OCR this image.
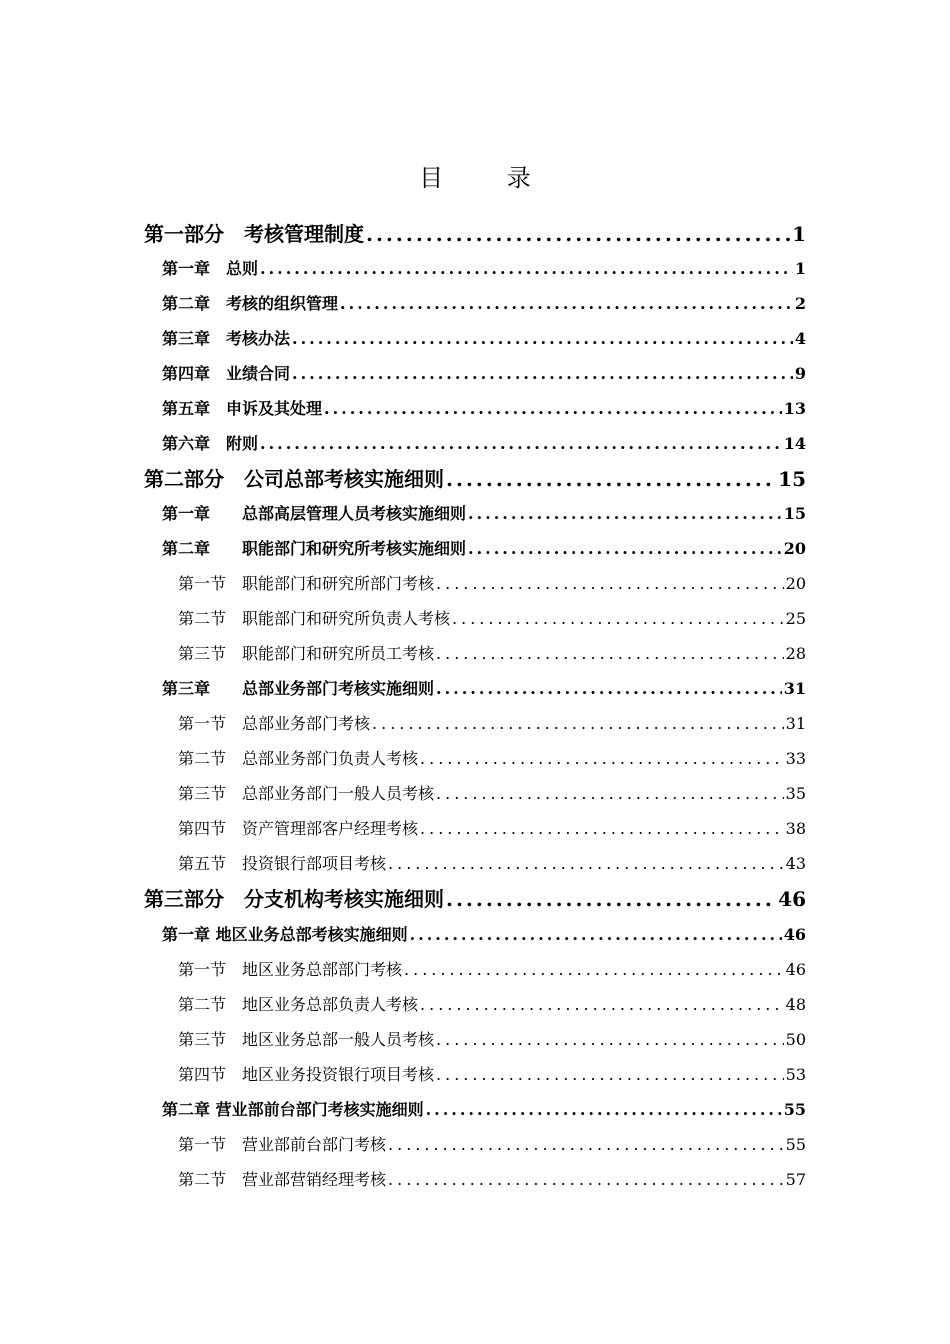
目 录
第一部分　考核管理制度 .....	1
第一章　总则 .....	1
第二章　考核的组织管理 .....	2
第三章　考核办法 .....	4
第四章　业绩合同 .....	9
第五章　申诉及其处理 .....	13
第六章　附则 .....	14
第二部分　公司总部考核实施细则 .....	15
第一章　　总部高层管理人员考核实施细则 .....	15
第二章　　职能部门和研究所考核实施细则 .....	20
第一节　职能部门和研究所部门考核 .....	20
第二节　职能部门和研究所负责人考核 .....	25
第三节　职能部门和研究所员工考核 .....	28
第三章　　总部业务部门考核实施细则 .....	31
第一节　总部业务部门考核 .....	31
第二节　总部业务部门负责人考核 .....	33
第三节　总部业务部门一般人员考核 .....	35
第四节　资产管理部客户经理考核 .....	38
第五节　投资银行部项目考核 .....	43
第三部分　分支机构考核实施细则 .....	46
第一章 地区业务总部考核实施细则 .....	46
第一节　地区业务总部部门考核 .....	46
第二节　地区业务总部负责人考核 .....	48
第三节　地区业务总部一般人员考核 .....	50
第四节　地区业务投资银行项目考核 .....	53
第二章 营业部前台部门考核实施细则 .....	55
第一节　营业部前台部门考核 .....	55
第二节　营业部营销经理考核 .....	57
